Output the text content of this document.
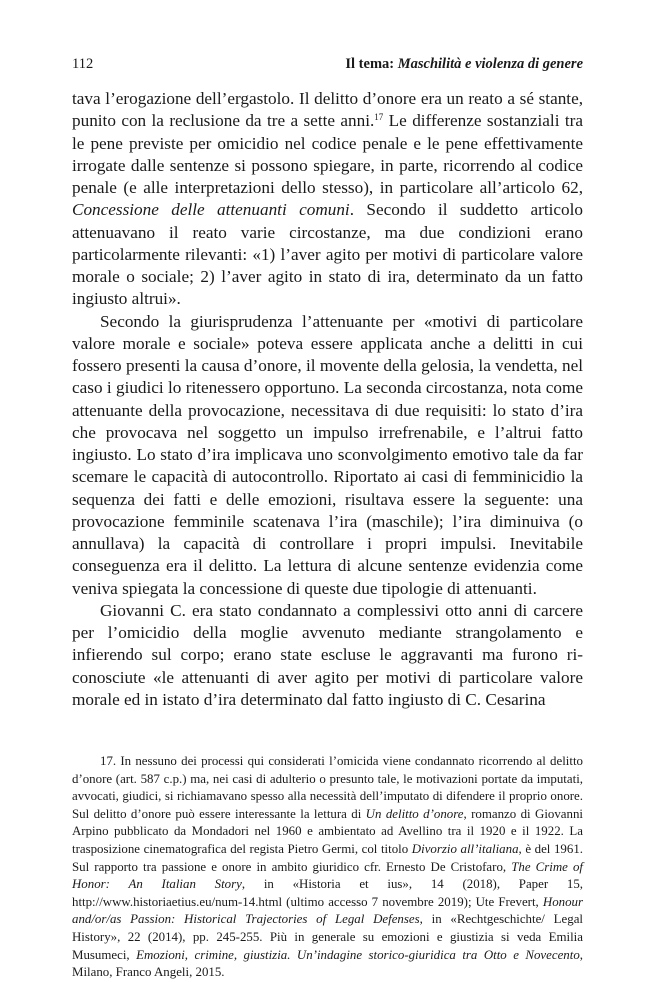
112	Il tema: Maschilità e violenza di genere

tava l’erogazione dell’ergastolo. Il delitto d’onore era un reato a sé stante, punito con la reclusione da tre a sette anni.$^{17}$ Le differenze sostanziali tra le pene previste per omicidio nel codice penale e le pene effettivamente irrogate dalle sentenze si possono spiegare, in parte, ricorrendo al codice penale (e alle interpretazioni dello stesso), in particolare all’articolo 62, Concessione delle attenuanti comuni. Secondo il suddetto articolo attenuavano il reato varie circostanze, ma due condizioni erano particolarmente rilevanti: «1) l’aver agito per motivi di particolare valore morale o sociale; 2) l’aver agito in stato di ira, determinato da un fatto ingiusto altrui».

Secondo la giurisprudenza l’attenuante per «motivi di particolare valore morale e sociale» poteva essere applicata anche a delitti in cui fossero presenti la causa d’onore, il movente della gelosia, la vendetta, nel caso i giudici lo ritenessero opportuno. La seconda circostanza, nota come attenuante della provocazione, necessitava di due requisiti: lo stato d’ira che provocava nel soggetto un impulso irrefrenabile, e l’altrui fatto ingiusto. Lo stato d’ira implicava uno sconvolgimento emotivo tale da far scemare le capacità di autocontrollo. Riportato ai casi di femminicidio la sequenza dei fatti e delle emozioni, risultava essere la seguente: una provocazione femminile scatenava l’ira (maschile); l’ira diminuiva (o annullava) la capacità di controllare i propri impulsi. Inevitabile conseguenza era il delitto. La lettura di alcune sentenze evidenzia come veniva spiegata la concessione di queste due tipologie di attenuanti.

Giovanni C. era stato condannato a complessivi otto anni di carcere per l’omicidio della moglie avvenuto mediante strangolamento e infierendo sul corpo; erano state escluse le aggravanti ma furono riconosciute «le attenuanti di aver agito per motivi di particolare valore morale ed in istato d’ira determinato dal fatto ingiusto di C. Cesarina

17. In nessuno dei processi qui considerati l’omicida viene condannato ricorrendo al delitto d’onore (art. 587 c.p.) ma, nei casi di adulterio o presunto tale, le motivazioni portate da imputati, avvocati, giudici, si richiamavano spesso alla necessità dell’imputato di difendere il proprio onore. Sul delitto d’onore può essere interessante la lettura di Un delitto d’onore, romanzo di Giovanni Arpino pubblicato da Mondadori nel 1960 e ambientato ad Avellino tra il 1920 e il 1922. La trasposizione cinematografica del regista Pietro Germi, col titolo Divorzio all’italiana, è del 1961. Sul rapporto tra passione e onore in ambito giuridico cfr. Ernesto De Cristofaro, The Crime of Honor: An Italian Story, in «Historia et ius», 14 (2018), Paper 15, http://www.historiaetius.eu/num-14.html (ultimo accesso 7 novembre 2019); Ute Frevert, Honour and/or/as Passion: Historical Trajectories of Legal Defenses, in «Rechtgeschichte/ Legal History», 22 (2014), pp. 245-255. Più in generale su emozioni e giustizia si veda Emilia Musumeci, Emozioni, crimine, giustizia. Un’indagine storico-giuridica tra Otto e Novecento, Milano, Franco Angeli, 2015.
